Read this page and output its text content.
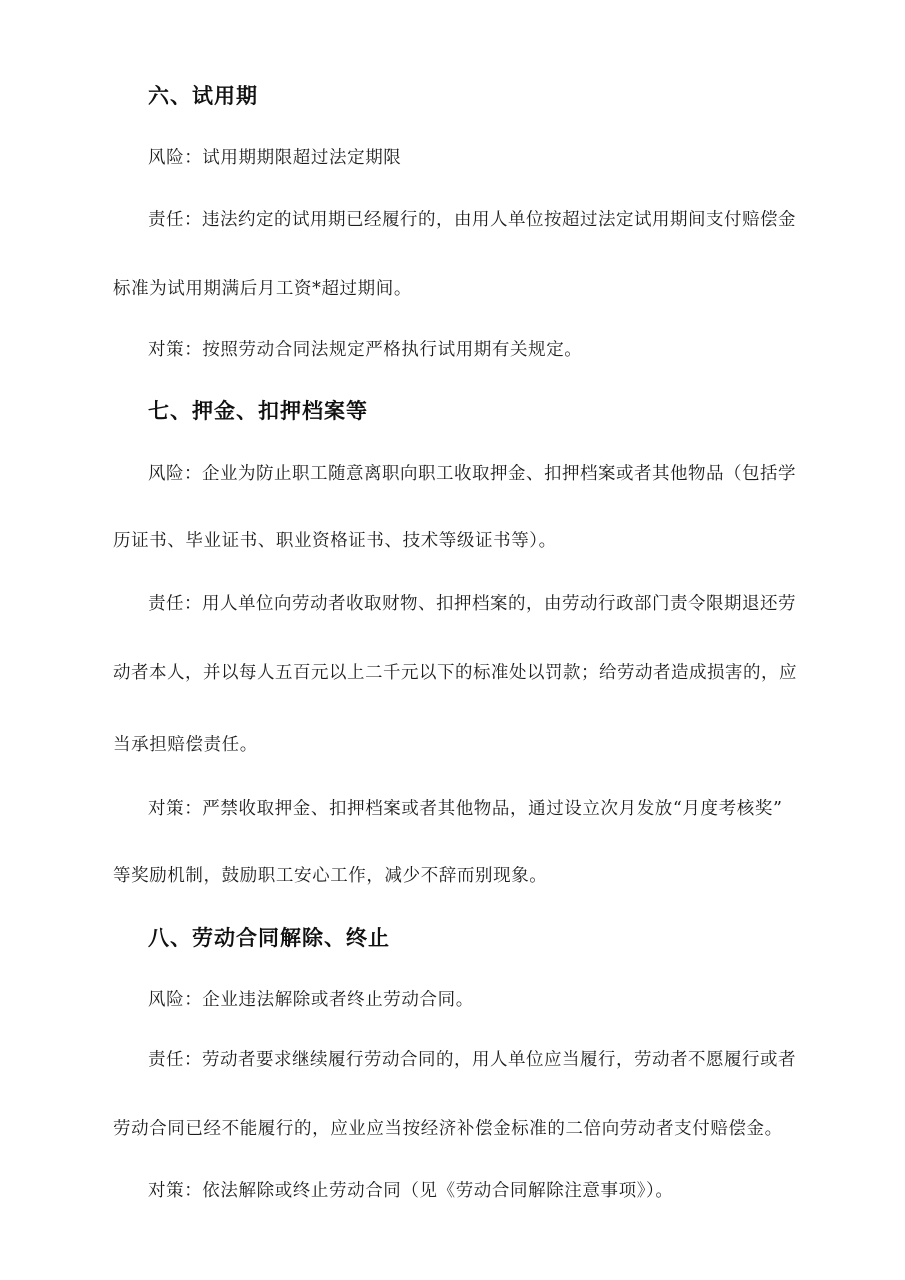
六、试用期
风险：试用期期限超过法定期限
责任：违法约定的试用期已经履行的，由用人单位按超过法定试用期间支付赔偿金
标准为试用期满后月工资*超过期间。
对策：按照劳动合同法规定严格执行试用期有关规定。
七、押金、扣押档案等
风险：企业为防止职工随意离职向职工收取押金、扣押档案或者其他物品（包括学
历证书、毕业证书、职业资格证书、技术等级证书等）。
责任：用人单位向劳动者收取财物、扣押档案的，由劳动行政部门责令限期退还劳
动者本人，并以每人五百元以上二千元以下的标准处以罚款；给劳动者造成损害的，应
当承担赔偿责任。
对策：严禁收取押金、扣押档案或者其他物品，通过设立次月发放“月度考核奖”
等奖励机制，鼓励职工安心工作，减少不辞而别现象。
八、劳动合同解除、终止
风险：企业违法解除或者终止劳动合同。
责任：劳动者要求继续履行劳动合同的，用人单位应当履行，劳动者不愿履行或者
劳动合同已经不能履行的，应业应当按经济补偿金标准的二倍向劳动者支付赔偿金。
对策：依法解除或终止劳动合同（见《劳动合同解除注意事项》）。
